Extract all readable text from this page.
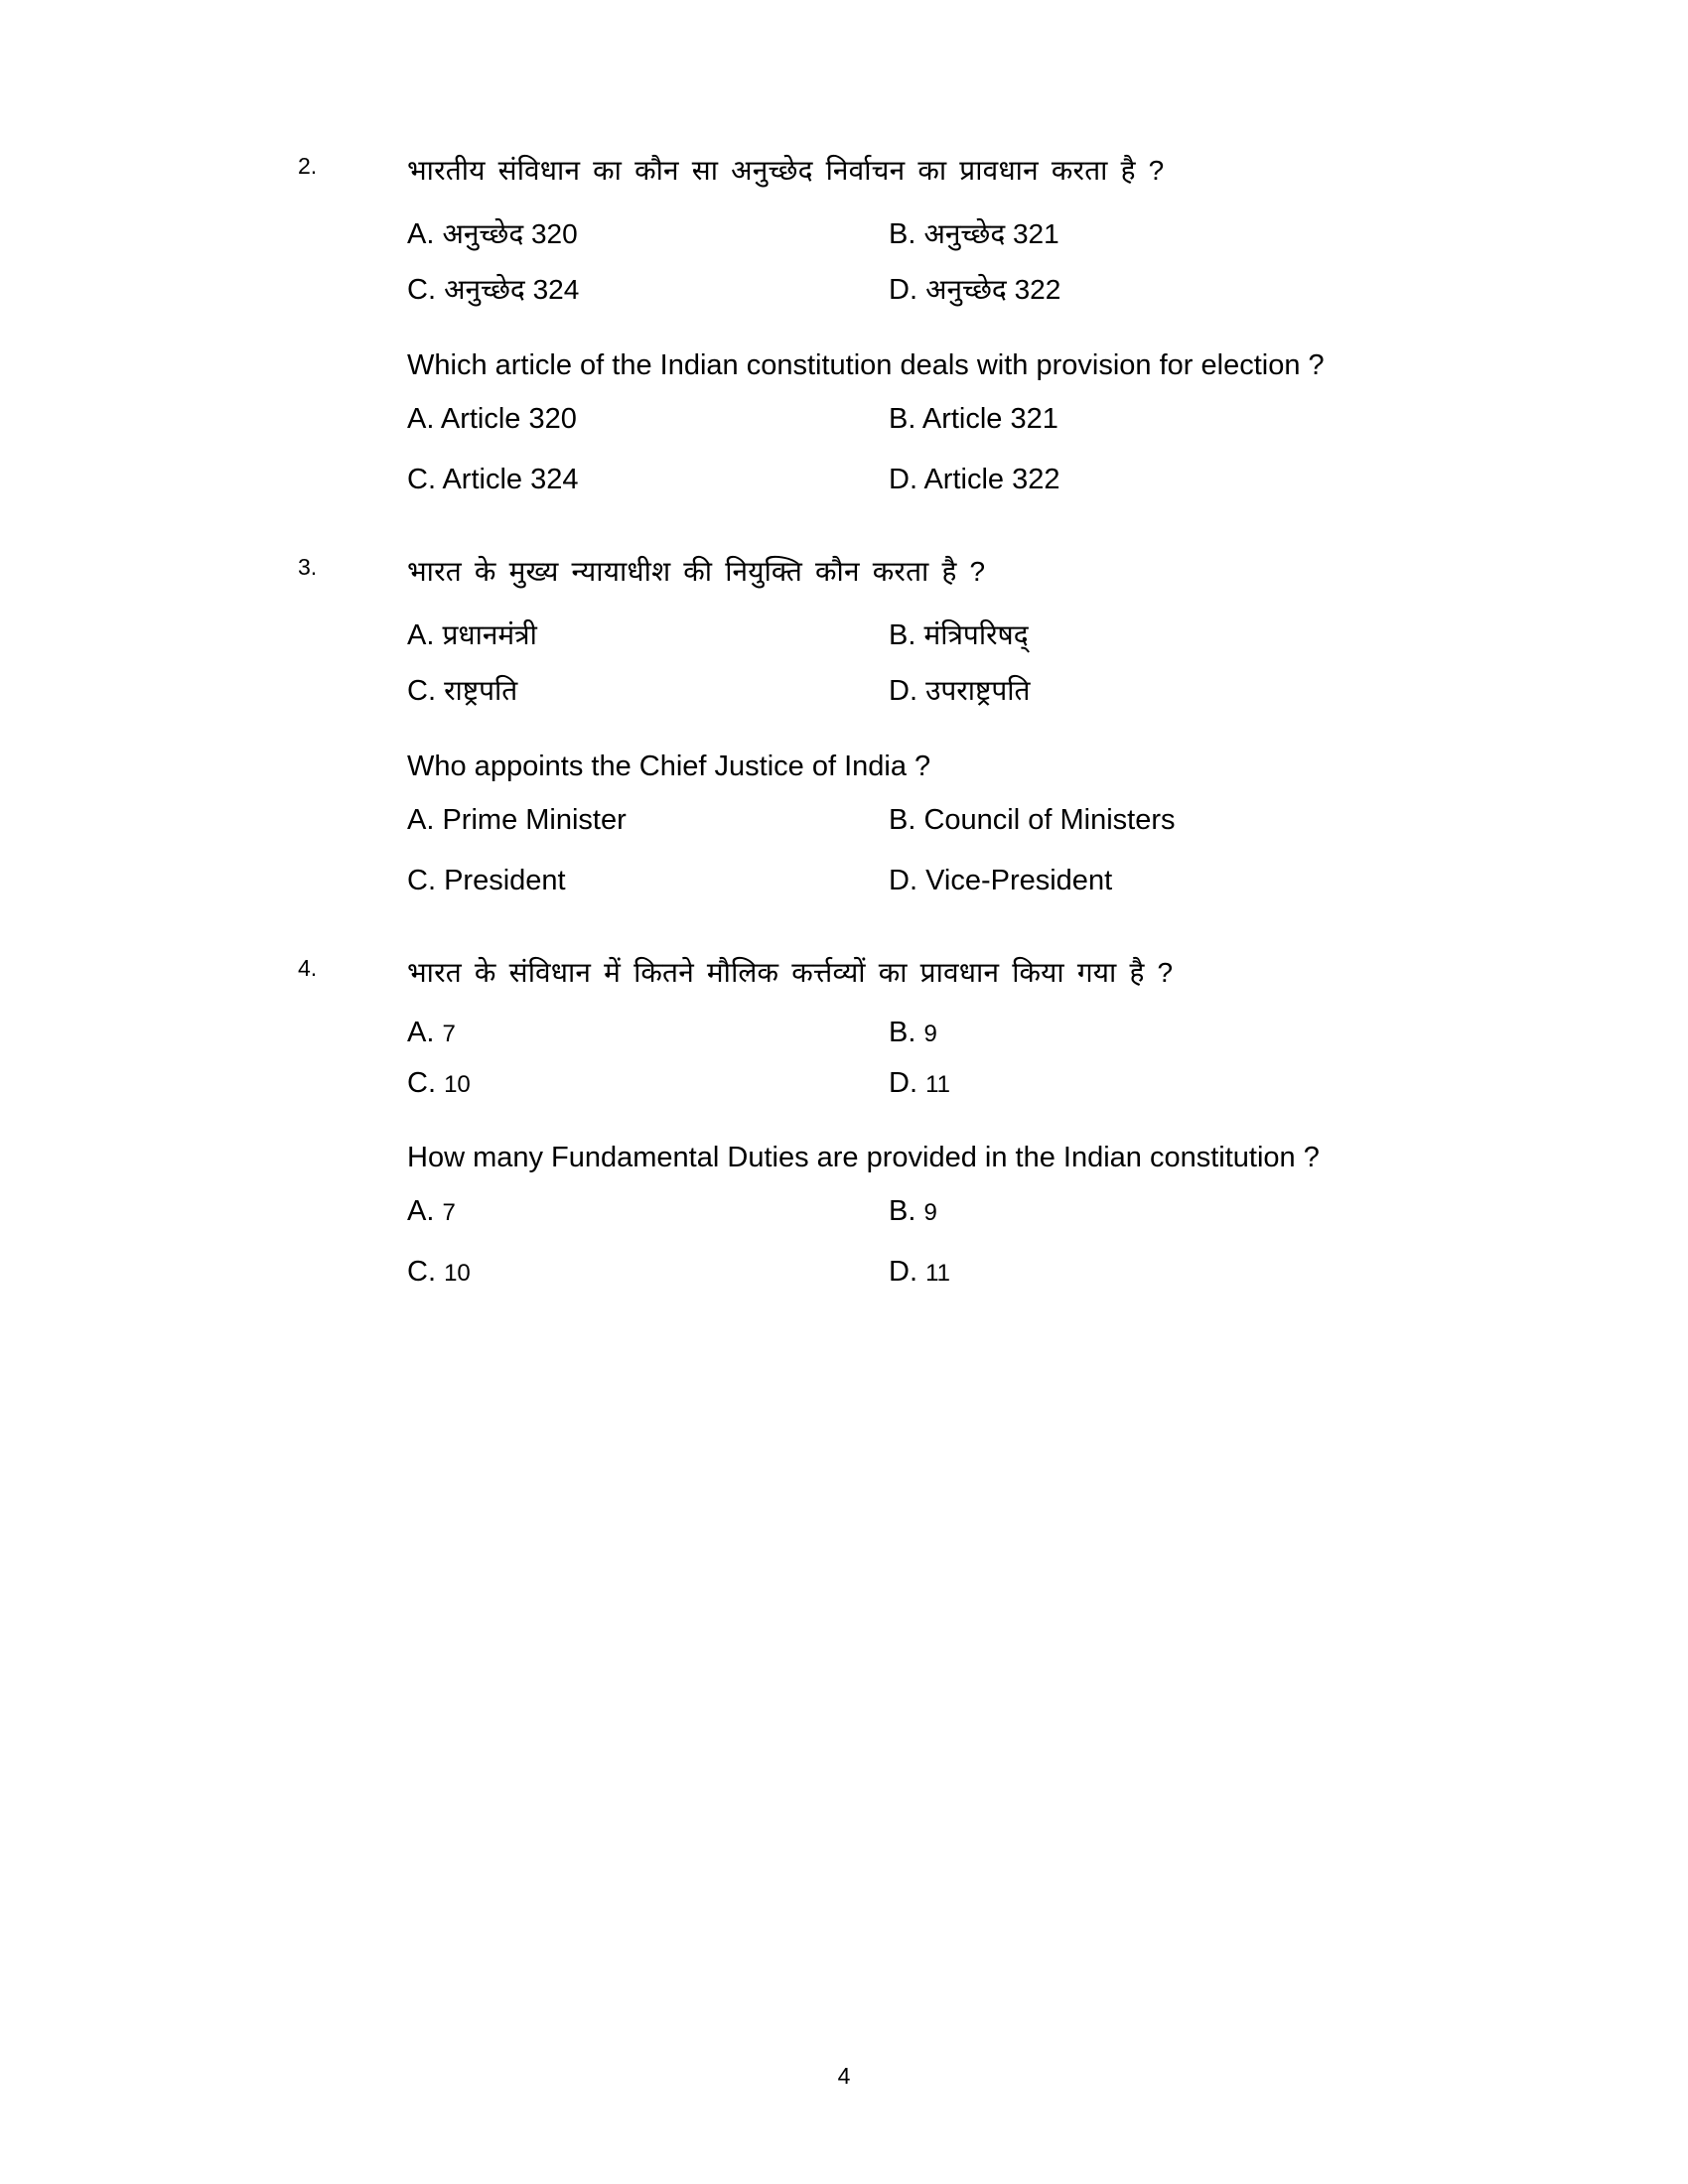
2.	भारतीय संविधान का कौन सा अनुच्छेद निर्वाचन का प्रावधान करता है ?
A. अनुच्छेद 320	B. अनुच्छेद 321
C. अनुच्छेद 324	D. अनुच्छेद 322
Which article of the Indian constitution deals with provision for election ?
A. Article 320	B. Article 321
C. Article 324	D. Article 322
3.	भारत के मुख्य न्यायाधीश की नियुक्ति कौन करता है ?
A. प्रधानमंत्री	B. मंत्रिपरिषद्
C. राष्ट्रपति	D. उपराष्ट्रपति
Who appoints the Chief Justice of India ?
A. Prime Minister	B. Council of Ministers
C. President	D. Vice-President
4.	भारत के संविधान में कितने मौलिक कर्त्तव्यों का प्रावधान किया गया है ?
A. 7	B. 9
C. 10	D. 11
How many Fundamental Duties are provided in the Indian constitution ?
A. 7	B. 9
C. 10	D. 11
4
